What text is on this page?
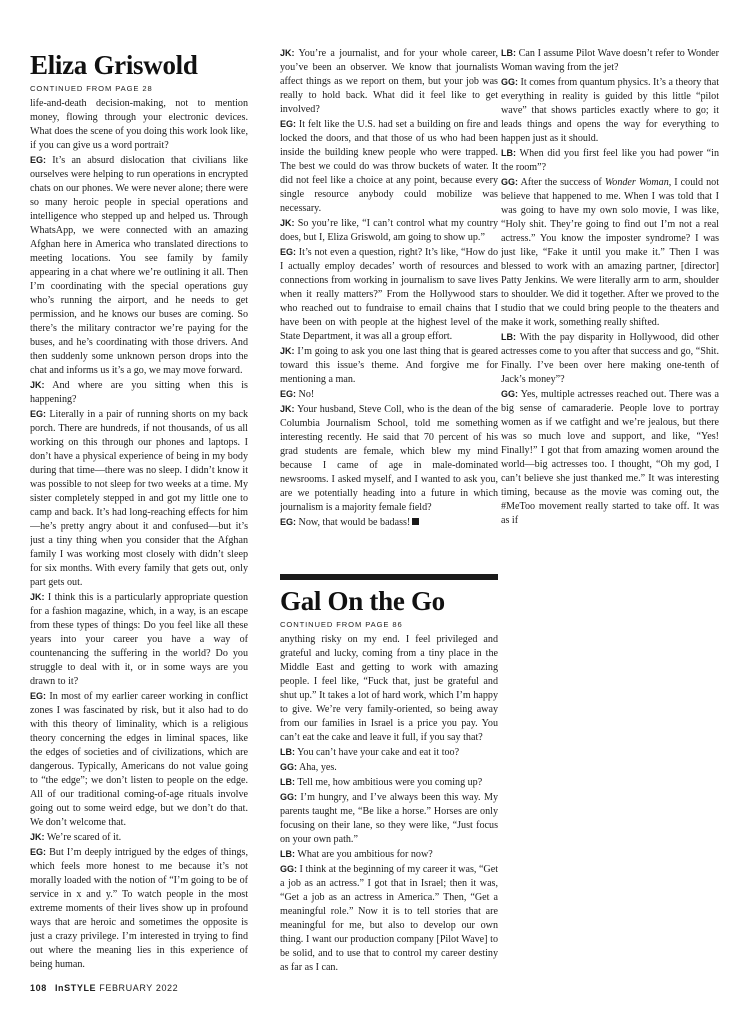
Eliza Griswold
CONTINUED FROM PAGE 28

life-and-death decision-making, not to mention money, flowing through your electronic devices. What does the scene of you doing this work look like, if you can give us a word portrait?

EG: It’s an absurd dislocation that civilians like ourselves were helping to run operations in encrypted chats on our phones. We were never alone; there were so many heroic people in special operations and intelligence who stepped up and helped us. Through WhatsApp, we were connected with an amazing Afghan here in America who translated directions to meeting locations. You see family by family appearing in a chat where we’re outlining it all. Then I’m coordinating with the special operations guy who’s running the airport, and he needs to get permission, and he knows our buses are coming. So there’s the military contractor we’re paying for the buses, and he’s coordinating with those drivers. And then suddenly some unknown person drops into the chat and informs us it’s a go, we may move forward.

JK: And where are you sitting when this is happening?

EG: Literally in a pair of running shorts on my back porch. There are hundreds, if not thousands, of us all working on this through our phones and laptops. I don’t have a physical experience of being in my body during that time—there was no sleep. I didn’t know it was possible to not sleep for two weeks at a time. My sister completely stepped in and got my little one to camp and back. It’s had long-reaching effects for him—he’s pretty angry about it and confused—but it’s just a tiny thing when you consider that the Afghan family I was working most closely with didn’t sleep for six months. With every family that gets out, only part gets out.

JK: I think this is a particularly appropriate question for a fashion magazine, which, in a way, is an escape from these types of things: Do you feel like all these years into your career you have a way of countenancing the suffering in the world? Do you struggle to deal with it, or in some ways are you drawn to it?

EG: In most of my earlier career working in conflict zones I was fascinated by risk, but it also had to do with this theory of liminality, which is a religious theory concerning the edges in liminal spaces, like the edges of societies and of civilizations, which are dangerous. Typically, Americans do not value going to “the edge”; we don’t listen to people on the edge. All of our traditional coming-of-age rituals involve going out to some weird edge, but we don’t do that. We don’t welcome that.

JK: We’re scared of it.

EG: But I’m deeply intrigued by the edges of things, which feels more honest to me because it’s not morally loaded with the notion of “I’m going to be of service in x and y.” To watch people in the most extreme moments of their lives show up in profound ways that are heroic and sometimes the opposite is just a crazy privilege. I’m interested in trying to find out where the meaning lies in this experience of being human.

JK: You’re a journalist, and for your whole career, you’ve been an observer. We know that journalists affect things as we report on them, but your job was really to hold back. What did it feel like to get involved?

EG: It felt like the U.S. had set a building on fire and locked the doors, and that those of us who had been inside the building knew people who were trapped. The best we could do was throw buckets of water. It did not feel like a choice at any point, because every single resource anybody could mobilize was necessary.

JK: So you’re like, “I can’t control what my country does, but I, Eliza Griswold, am going to show up.”

EG: It’s not even a question, right? It’s like, “How do I actually employ decades’ worth of resources and connections from working in journalism to save lives when it really matters?” From the Hollywood stars who reached out to fundraise to email chains that I have been on with people at the highest level of the State Department, it was all a group effort.

JK: I’m going to ask you one last thing that is geared toward this issue’s theme. And forgive me for mentioning a man.

EG: No!

JK: Your husband, Steve Coll, who is the dean of the Columbia Journalism School, told me something interesting recently. He said that 70 percent of his grad students are female, which blew my mind because I came of age in male-dominated newsrooms. I asked myself, and I wanted to ask you, are we potentially heading into a future in which journalism is a majority female field?

EG: Now, that would be badass!

Gal On the Go
CONTINUED FROM PAGE 86

anything risky on my end. I feel privileged and grateful and lucky, coming from a tiny place in the Middle East and getting to work with amazing people. I feel like, “Fuck that, just be grateful and shut up.” It takes a lot of hard work, which I’m happy to give. We’re very family-oriented, so being away from our families in Israel is a price you pay. You can’t eat the cake and leave it full, if you say that?

LB: You can’t have your cake and eat it too?

GG: Aha, yes.

LB: Tell me, how ambitious were you coming up?

GG: I’m hungry, and I’ve always been this way. My parents taught me, “Be like a horse.” Horses are only focusing on their lane, so they were like, “Just focus on your own path.”

LB: What are you ambitious for now?

GG: I think at the beginning of my career it was, “Get a job as an actress.” I got that in Israel; then it was, “Get a job as an actress in America.” Then, “Get a meaningful role.” Now it is to tell stories that are meaningful for me, but also to develop our own thing. I want our production company [Pilot Wave] to be solid, and to use that to control my career destiny as far as I can.

LB: Can I assume Pilot Wave doesn’t refer to Wonder Woman waving from the jet?

GG: It comes from quantum physics. It’s a theory that everything in reality is guided by this little “pilot wave” that shows particles exactly where to go; it leads things and opens the way for everything to happen just as it should.

LB: When did you first feel like you had power “in the room”?

GG: After the success of Wonder Woman, I could not believe that happened to me. When I was told that I was going to have my own solo movie, I was like, “Holy shit. They’re going to find out I’m not a real actress.” You know the imposter syndrome? I was just like, “Fake it until you make it.” Then I was blessed to work with an amazing partner, [director] Patty Jenkins. We were literally arm to arm, shoulder to shoulder. We did it together. After we proved to the studio that we could bring people to the theaters and make it work, something really shifted.

LB: With the pay disparity in Hollywood, did other actresses come to you after that success and go, “Shit. Finally. I’ve been over here making one-tenth of Jack’s money”?

GG: Yes, multiple actresses reached out. There was a big sense of camaraderie. People love to portray women as if we catfight and we’re jealous, but there was so much love and support, and like, “Yes! Finally!” I got that from amazing women around the world—big actresses too. I thought, “Oh my god, I can’t believe she just thanked me.” It was interesting timing, because as the movie was coming out, the #MeToo movement really started to take off. It was as if

108 InSTYLE FEBRUARY 2022
